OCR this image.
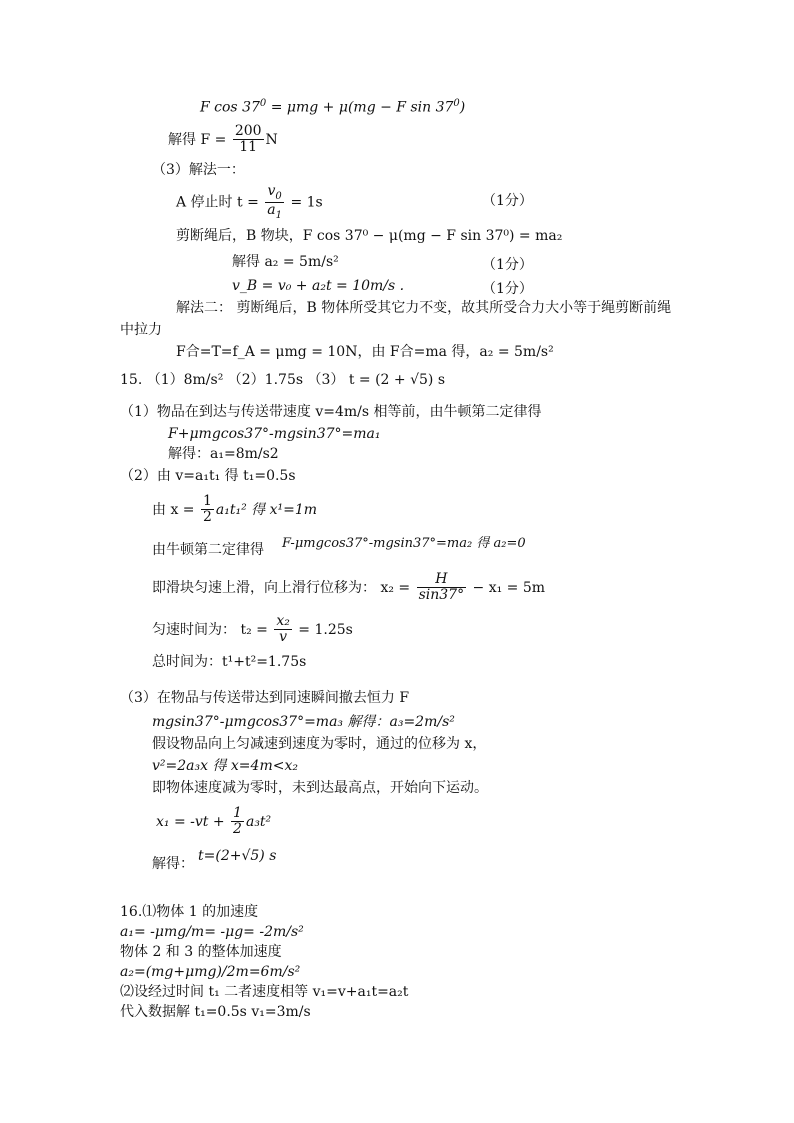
F $\cos 37^0 = \mu mg + \mu(mg - F$ $\sin 37^0$)
解得 $F = \frac{200}{11}$ N
（3）解法一：
A 停止时 $t = \frac{v_0}{a_1} = 1s$	（1分）
剪断绳后，B 物块，F cos 37⁰ − μ(mg − F sin 37⁰) = ma₂
解得 a₂ = 5m/s²	（1分）
v_B = v₀ + a₂t = 10m/s .	（1分）
解法二： 剪断绳后，B 物体所受其它力不变，故其所受合力大小等于绳剪断前绳
中拉力
F合=T=f_A = μmg = 10N，由 F合=ma 得，a₂ = 5m/s²
15. （1）8m/s² （2）1.75s （3） t = (2 + √5) s
（1）物品在到达与传送带速度 v=4m/s 相等前，由牛顿第二定律得
F+μmgcos37°-mgsin37°=ma₁
解得：a₁=8m/s2
（2）由 v=a₁t₁ 得 t₁=0.5s
由 $x = \frac{1}{2} a_1t_1^2$ 得 x¹=1m
由牛顿第二定律得 F-μmgcos37°-mgsin37°=ma₂ 得 a₂=0
即滑块匀速上滑，向上滑行位移为： $x_2 = \frac{H}{\sin 37^\circ} - x_1 = 5m$
匀速时间为： $t_2 = \frac{\text{x₂}}{v} = 1.25s$
总时间为：t¹+t²=1.75s
（3）在物品与传送带达到同速瞬间撤去恒力 F
mgsin37°-μmgcos37°=ma₃ 解得：a₃=2m/s²
假设物品向上匀减速到速度为零时，通过的位移为 x，
v²=2a₃x 得 x=4m<x₂
即物体速度减为零时，未到达最高点，开始向下运动。
$x_1 = -vt + \frac{1}{2} a_3t^2$
解得： t=(2+√5) s
16.⑴物体 1 的加速度
a₁= -μmg/m= -μg= -2m/s²
物体 2 和 3 的整体加速度
a₂=(mg+μmg)/2m=6m/s²
⑵设经过时间 t₁ 二者速度相等 v₁=v+a₁t=a₂t
代入数据解 t₁=0.5s v₁=3m/s
